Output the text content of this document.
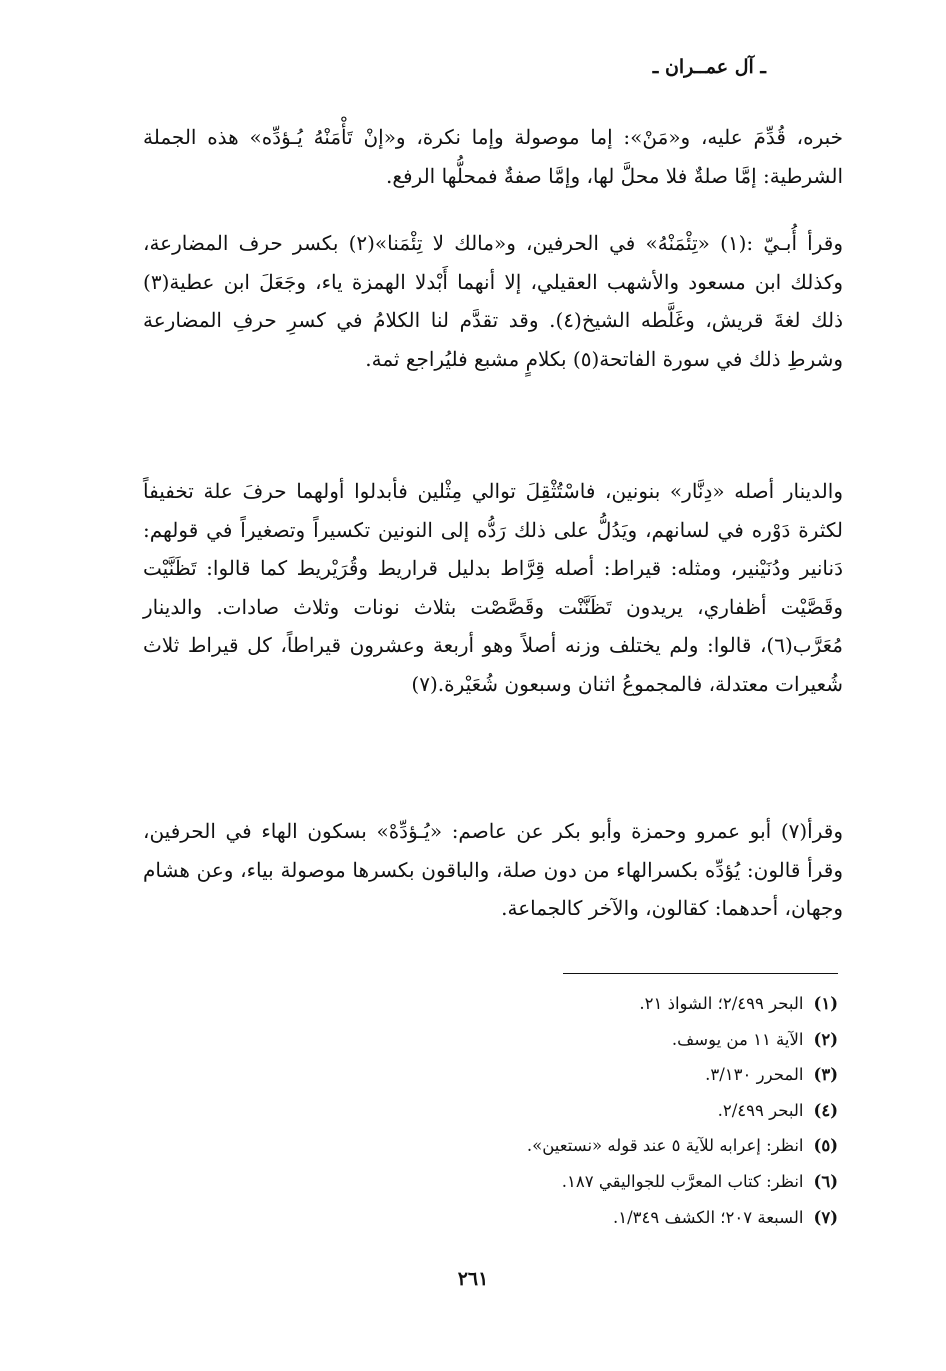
ـ آل عمــران ـ
خبره، قُدِّمَ عليه، و«مَنْ»: إما موصولة وإما نكرة، و«إنْ تَأْمَنْهُ يُـؤدِّه» هذه الجملة الشرطية: إمَّا صلةٌ فلا محلَّ لها، وإمَّا صفةٌ فمحلُّها الرفع.
وقرأ أُبـيّ :(١) «تِئْمَنْهُ» في الحرفين، و«مالك لا تِئْمَنا»(٢) بكسر حرف المضارعة، وكذلك ابن مسعود والأشهب العقيلي، إلا أنهما أَبْدلا الهمزة ياء، وجَعَلَ ابن عطية(٣) ذلك لغةَ قريش، وغَلَّطه الشيخ(٤). وقد تقدَّم لنا الكلامُ في كسرِ حرفِ المضارعة وشرطِ ذلك في سورة الفاتحة(٥) بكلامٍ مشبع فليُراجع ثمة.
والدينار أصله «دِنَّار» بنونين، فاسْتُثْقِلَ توالي مِثْلين فأبدلوا أولهما حرفَ علة تخفيفاً لكثرة دَوْره في لسانهم، ويَدُلُّ على ذلك رَدُّه إلى النونين تكسيراً وتصغيراً في قولهم: دَنانير ودُنَيْنير، ومثله: قيراط: أصله قِرَّاط بدليل قراريط وقُرَيْريط كما قالوا: تَظَنَّيْت وقَصَّيْت أظفاري، يريدون تَظَنَّنْت وقَصَّصْت بثلاث نونات وثلاث صادات. والدينار مُعَرَّب(٦)، قالوا: ولم يختلف وزنه أصلاً وهو أربعة وعشرون قيراطاً، كل قيراط ثلاث شُعيرات معتدلة، فالمجموعُ اثنان وسبعون شُعَيْرة.(٧)
وقرأ(٧) أبو عمرو وحمزة وأبو بكر عن عاصم: «يُـؤدِّهْ» بسكون الهاء في الحرفين، وقرأ قالون: يُؤدِّه بكسرالهاء من دون صلة، والباقون بكسرها موصولة بياء، وعن هشام وجهان، أحدهما: كقالون، والآخر كالجماعة.
(١)البحر ٢/٤٩٩؛ الشواذ ٢١.
(٢)الآية ١١ من يوسف.
(٣)المحرر ٣/١٣٠.
(٤)البحر ٢/٤٩٩.
(٥)انظر: إعرابه للآية ٥ عند قوله «نستعين».
(٦)انظر: كتاب المعرَّب للجواليقي ١٨٧.
(٧)السبعة ٢٠٧؛ الكشف ١/٣٤٩.
٢٦١
